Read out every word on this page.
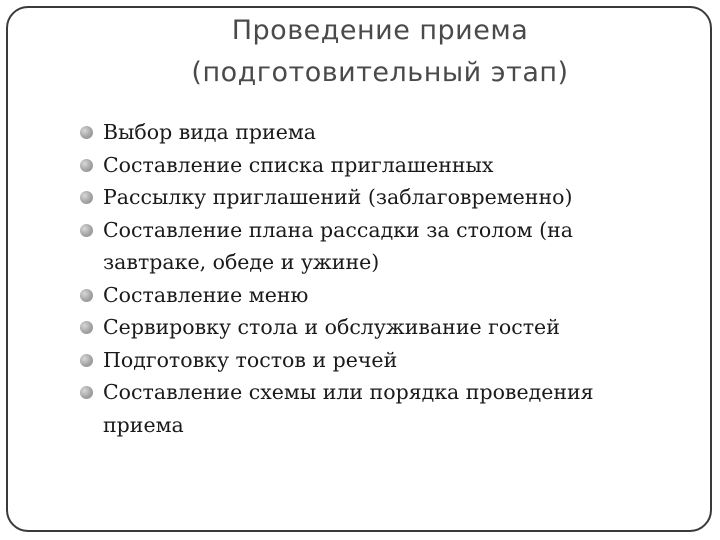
Проведение приема
(подготовительный этап)
Выбор вида приема
Составление списка приглашенных
Рассылку приглашений (заблаговременно)
Составление плана рассадки за столом (на завтраке, обеде и ужине)
Составление меню
Сервировку стола и обслуживание гостей
Подготовку тостов и речей
Составление схемы или порядка проведения приема
